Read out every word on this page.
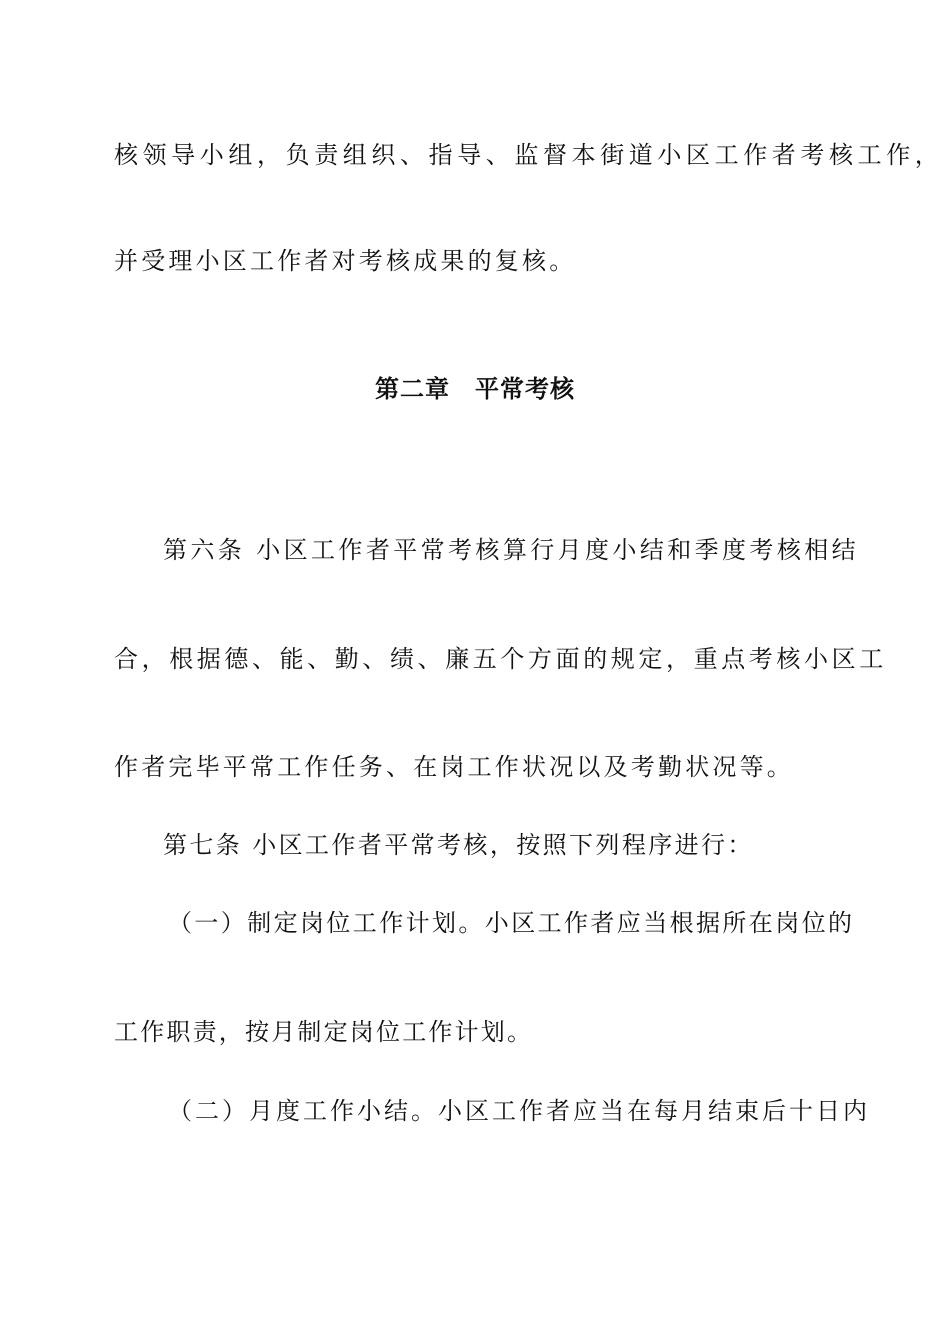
核领导小组，负责组织、指导、监督本街道小区工作者考核工作，
并受理小区工作者对考核成果的复核。
第二章　平常考核
第六条 小区工作者平常考核算行月度小结和季度考核相结
合，根据德、能、勤、绩、廉五个方面的规定，重点考核小区工
作者完毕平常工作任务、在岗工作状况以及考勤状况等。
第七条 小区工作者平常考核，按照下列程序进行：
（一）制定岗位工作计划。小区工作者应当根据所在岗位的
工作职责，按月制定岗位工作计划。
（二）月度工作小结。小区工作者应当在每月结束后十日内
